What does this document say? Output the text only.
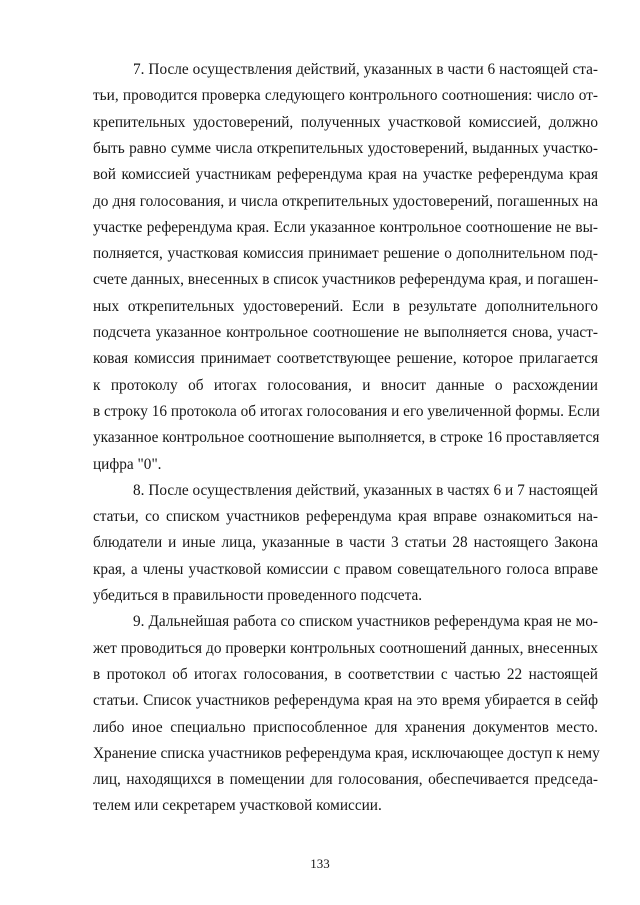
7. После осуществления действий, указанных в части 6 настоящей ста-
тьи, проводится проверка следующего контрольного соотношения: число от-
крепительных удостоверений, полученных участковой комиссией, должно
быть равно сумме числа открепительных удостоверений, выданных участко-
вой комиссией участникам референдума края на участке референдума края
до дня голосования, и числа открепительных удостоверений, погашенных на
участке референдума края. Если указанное контрольное соотношение не вы-
полняется, участковая комиссия принимает решение о дополнительном под-
счете данных, внесенных в список участников референдума края, и погашен-
ных открепительных удостоверений. Если в результате дополнительного
подсчета указанное контрольное соотношение не выполняется снова, участ-
ковая комиссия принимает соответствующее решение, которое прилагается
к протоколу об итогах голосования, и вносит данные о расхождении
в строку 16 протокола об итогах голосования и его увеличенной формы. Если
указанное контрольное соотношение выполняется, в строке 16 проставляется
цифра "0".
8. После осуществления действий, указанных в частях 6 и 7 настоящей
статьи, со списком участников референдума края вправе ознакомиться на-
блюдатели и иные лица, указанные в части 3 статьи 28 настоящего Закона
края, а члены участковой комиссии с правом совещательного голоса вправе
убедиться в правильности проведенного подсчета.
9. Дальнейшая работа со списком участников референдума края не мо-
жет проводиться до проверки контрольных соотношений данных, внесенных
в протокол об итогах голосования, в соответствии с частью 22 настоящей
статьи. Список участников референдума края на это время убирается в сейф
либо иное специально приспособленное для хранения документов место.
Хранение списка участников референдума края, исключающее доступ к нему
лиц, находящихся в помещении для голосования, обеспечивается председа-
телем или секретарем участковой комиссии.
133
